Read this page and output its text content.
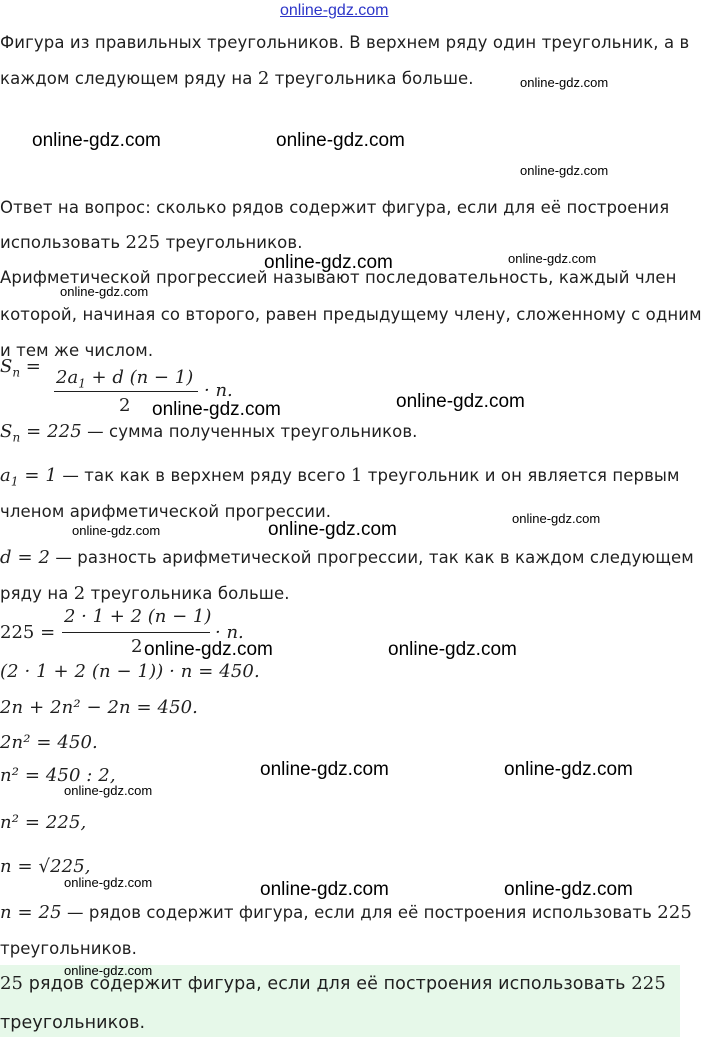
online-gdz.com
Фигура из правильных треугольников. В верхнем ряду один треугольник, а в
каждом следующем ряду на 2 треугольника больше.
Ответ на вопрос: сколько рядов содержит фигура, если для её построения
использовать 225 треугольников.
Арифметической прогрессией называют последовательность, каждый член
которой, начиная со второго, равен предыдущему члену, сложенному с одним
и тем же числом.
$S_n$ =
$2a_1 + d$ (n − 1)
2
· n.
$S_n = 225$ — сумма полученных треугольников.
$a_1 = 1$ — так как в верхнем ряду всего 1 треугольник и он является первым
членом арифметической прогрессии.
d = 2 — разность арифметической прогрессии, так как в каждом следующем
ряду на 2 треугольника больше.
225 =
2 · 1 + 2 (n − 1)
2
· n.
(2 · 1 + 2 (n − 1)) · n = 450.
2n + 2n² − 2n = 450.
2n² = 450.
n² = 450 : 2,
n² = 225,
n = √225,
n = 25 — рядов содержит фигура, если для её построения использовать 225
треугольников.
25 рядов содержит фигура, если для её построения использовать 225
треугольников.
online-gdz.com	online-gdz.com
online-gdz.com
online-gdz.com	online-gdz.com
online-gdz.com
online-gdz.com	online-gdz.com
online-gdz.com	online-gdz.com
online-gdz.com	online-gdz.com
online-gdz.com
online-gdz.com
online-gdz.com
online-gdz.com
online-gdz.com
online-gdz.com
online-gdz.com
online-gdz.com
online-gdz.com
